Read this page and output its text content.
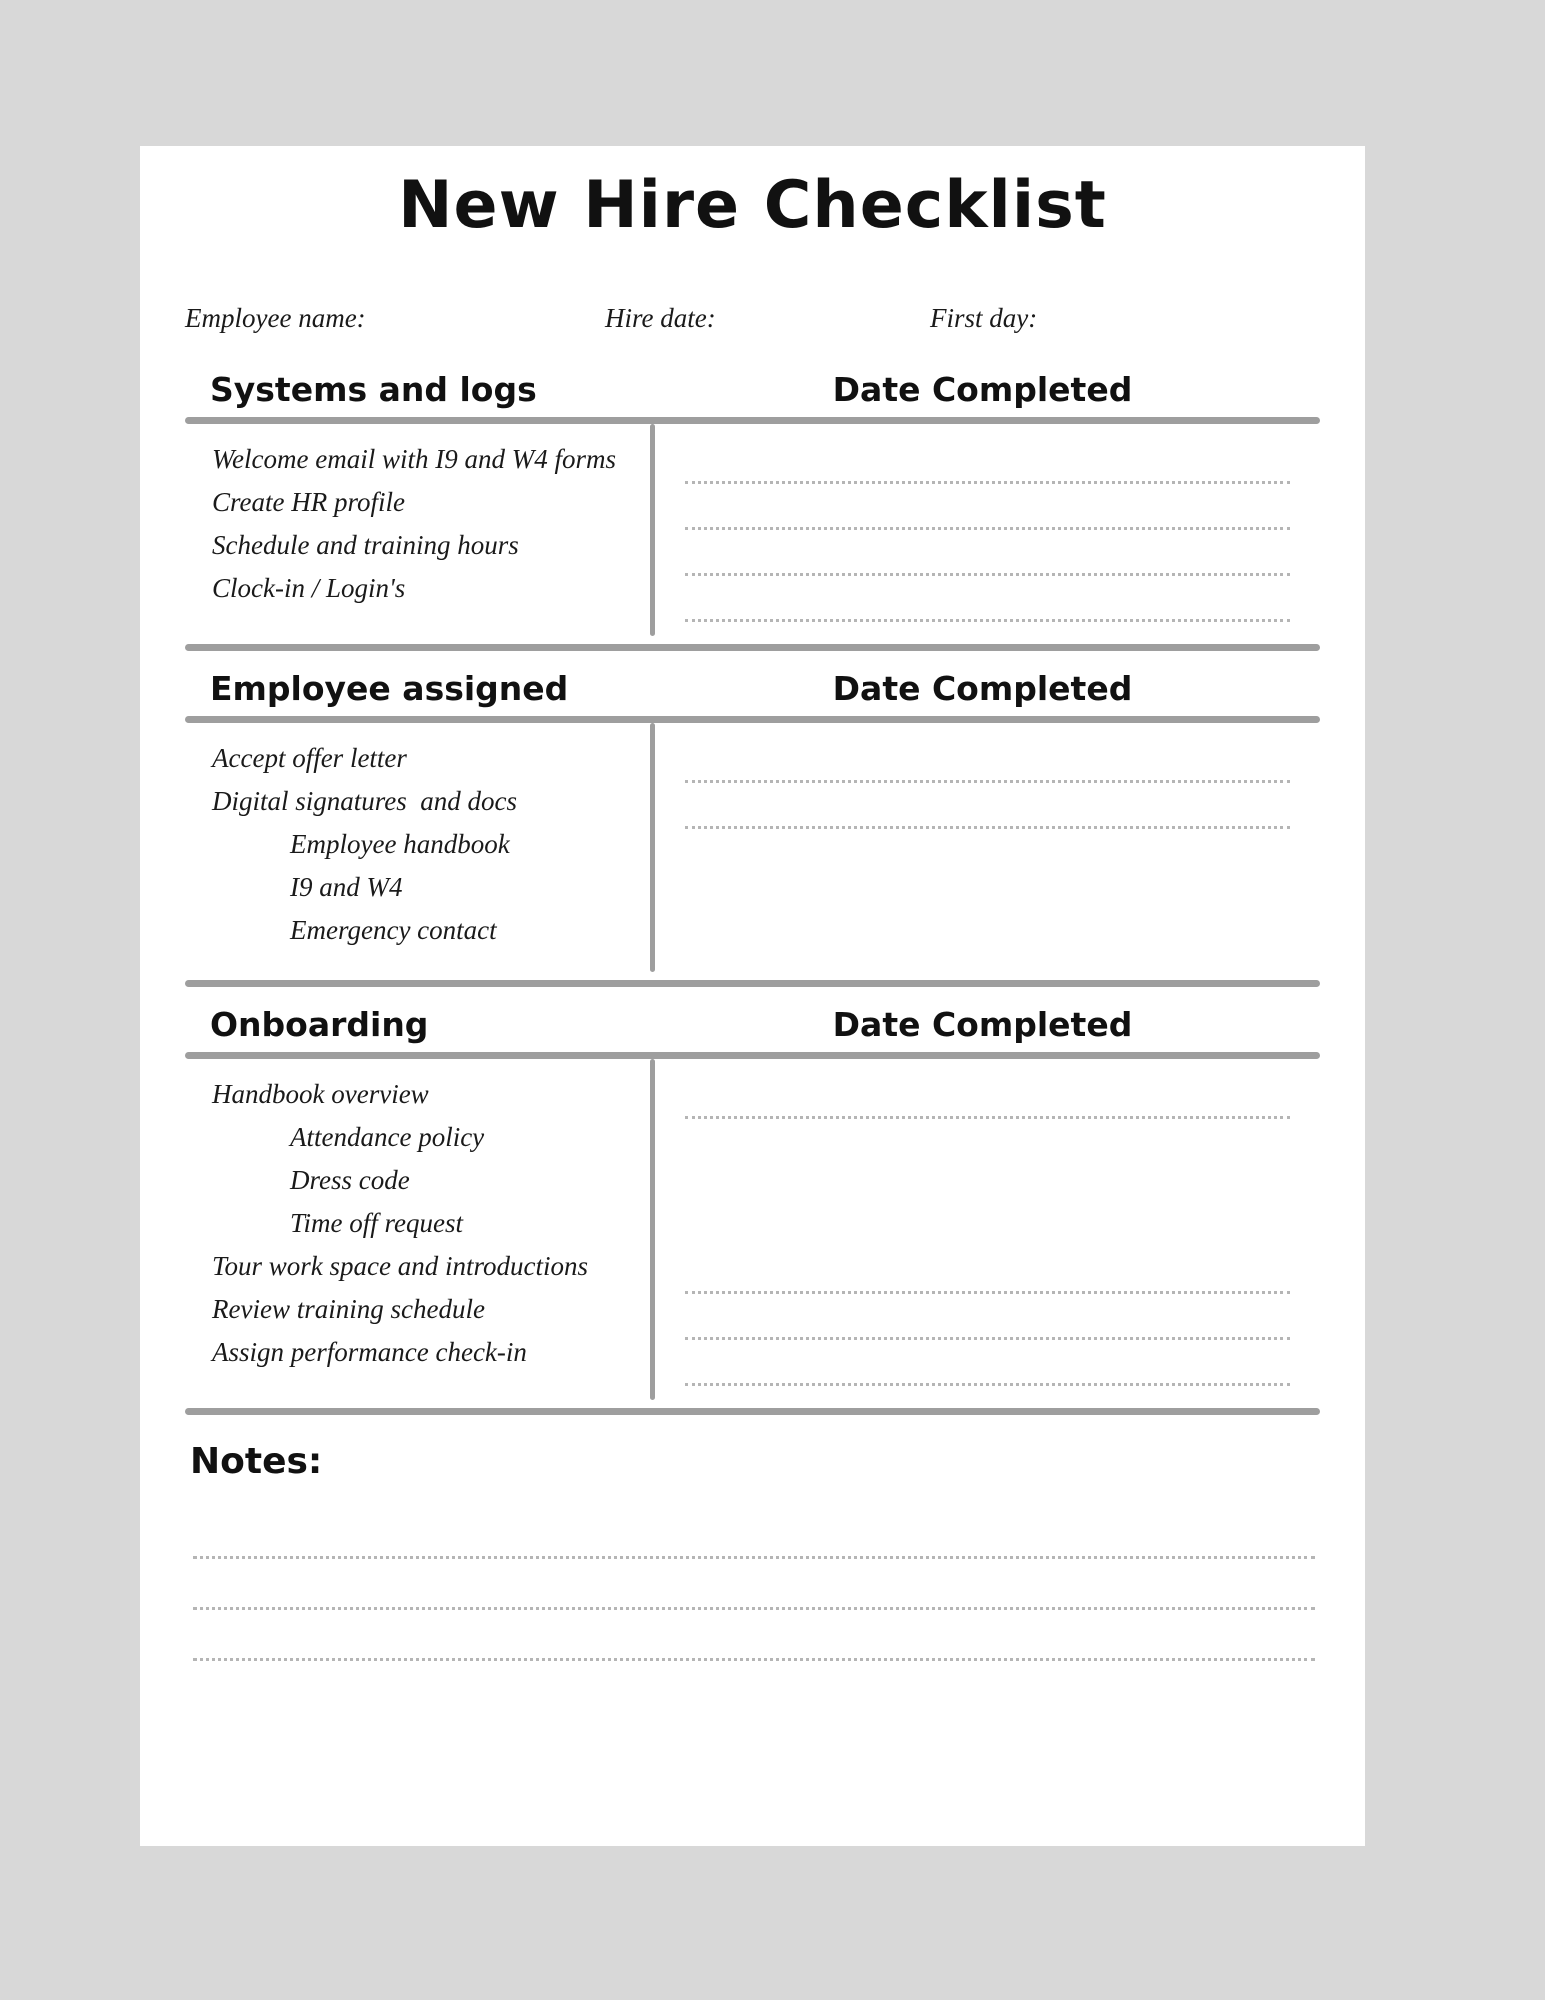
New Hire Checklist
Employee name:	Hire date:	First day:
Systems and logs	Date Completed
Welcome email with I9 and W4 forms
Create HR profile
Schedule and training hours
Clock-in / Login's
Employee assigned	Date Completed
Accept offer letter
Digital signatures  and docs
Employee handbook
I9 and W4
Emergency contact
Onboarding	Date Completed
Handbook overview
Attendance policy
Dress code
Time off request
Tour work space and introductions
Review training schedule
Assign performance check-in
Notes:
